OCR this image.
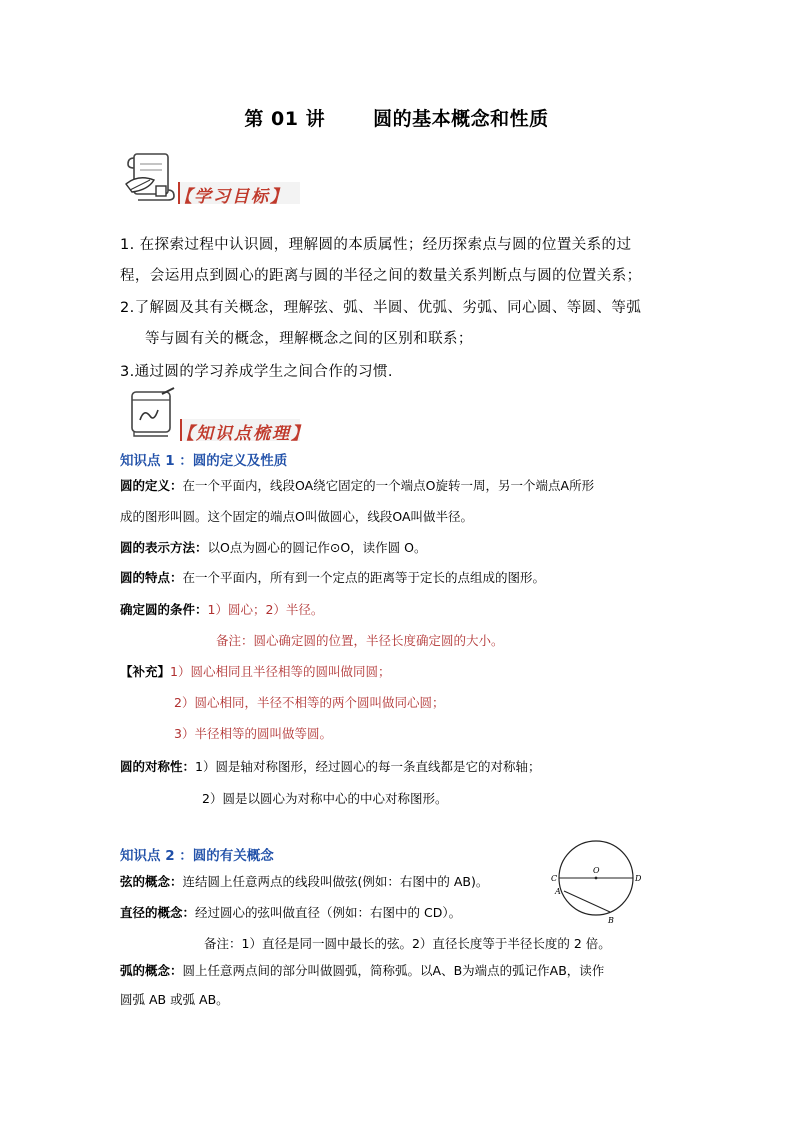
第 01 讲	圆的基本概念和性质
【学习目标】
1. 在探索过程中认识圆，理解圆的本质属性；经历探索点与圆的位置关系的过
程，会运用点到圆心的距离与圆的半径之间的数量关系判断点与圆的位置关系；
2.了解圆及其有关概念，理解弦、弧、半圆、优弧、劣弧、同心圆、等圆、等弧
等与圆有关的概念，理解概念之间的区别和联系；
3.通过圆的学习养成学生之间合作的习惯.
【知识点梳理】
知识点 1 ：圆的定义及性质
圆的定义：在一个平面内，线段OA绕它固定的一个端点O旋转一周，另一个端点A所形
成的图形叫圆。这个固定的端点O叫做圆心，线段OA叫做半径。
圆的表示方法：以O点为圆心的圆记作⊙O，读作圆 O。
圆的特点：在一个平面内，所有到一个定点的距离等于定长的点组成的图形。
确定圆的条件：1）圆心；2）半径。
备注：圆心确定圆的位置，半径长度确定圆的大小。
【补充】1）圆心相同且半径相等的圆叫做同圆；
2）圆心相同，半径不相等的两个圆叫做同心圆；
3）半径相等的圆叫做等圆。
圆的对称性：1）圆是轴对称图形，经过圆心的每一条直线都是它的对称轴；
2）圆是以圆心为对称中心的中心对称图形。
知识点 2 ：圆的有关概念
弦的概念：连结圆上任意两点的线段叫做弦(例如：右图中的 AB)。
直径的概念：经过圆心的弦叫做直径（例如：右图中的 CD）。
备注：1）直径是同一圆中最长的弦。2）直径长度等于半径长度的 2 倍。
弧的概念：圆上任意两点间的部分叫做圆弧，简称弧。以A、B为端点的弧记作AB，读作
圆弧 AB 或弧 AB。
C
O
D
A
B
